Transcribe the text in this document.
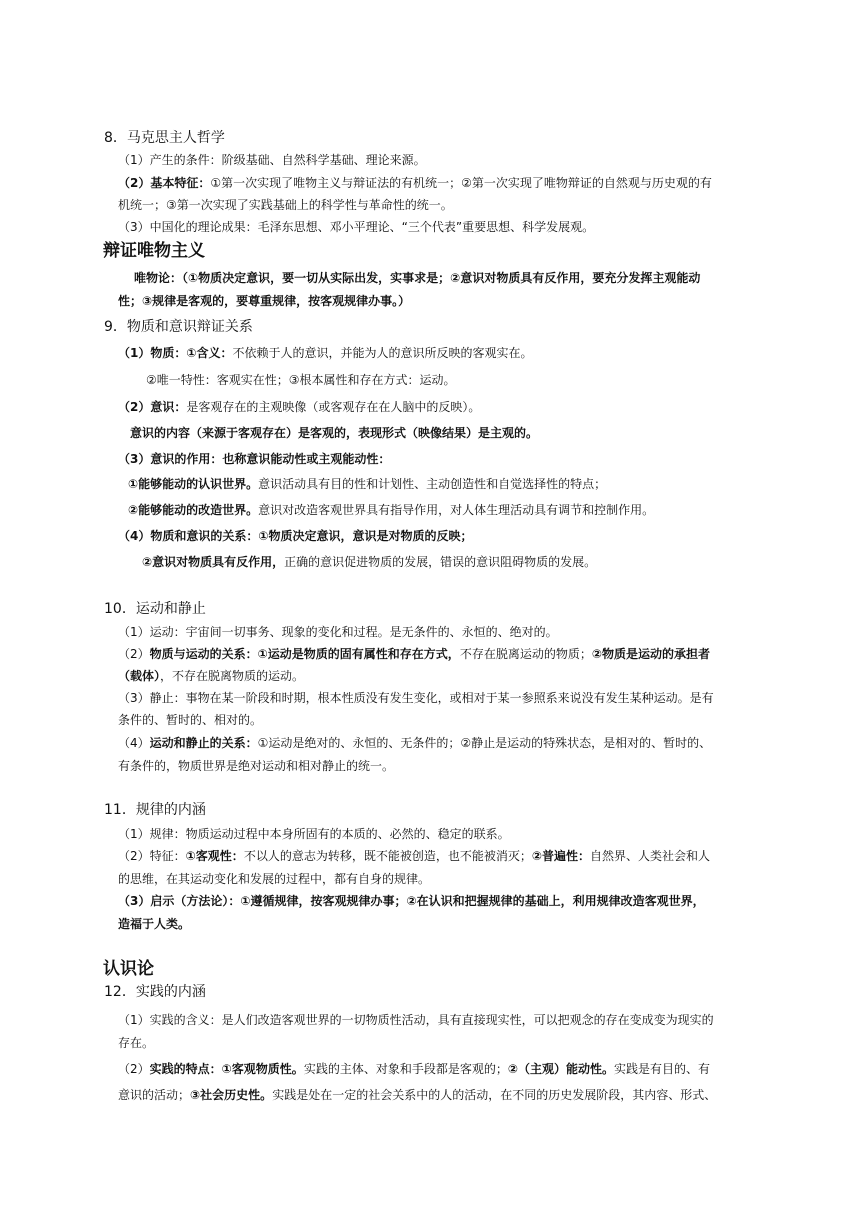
8．马克思主人哲学
（1）产生的条件：阶级基础、自然科学基础、理论来源。
（2）基本特征：①第一次实现了唯物主义与辩证法的有机统一；②第一次实现了唯物辩证的自然观与历史观的有
机统一；③第一次实现了实践基础上的科学性与革命性的统一。
（3）中国化的理论成果：毛泽东思想、邓小平理论、“三个代表”重要思想、科学发展观。
辩证唯物主义
唯物论：（①物质决定意识，要一切从实际出发，实事求是；②意识对物质具有反作用，要充分发挥主观能动
性；③规律是客观的，要尊重规律，按客观规律办事。）
9．物质和意识辩证关系
（1）物质：①含义：不依赖于人的意识，并能为人的意识所反映的客观实在。
②唯一特性：客观实在性；③根本属性和存在方式：运动。
（2）意识：是客观存在的主观映像（或客观存在在人脑中的反映）。
意识的内容（来源于客观存在）是客观的，表现形式（映像结果）是主观的。
（3）意识的作用：也称意识能动性或主观能动性：
①能够能动的认识世界。意识活动具有目的性和计划性、主动创造性和自觉选择性的特点；
②能够能动的改造世界。意识对改造客观世界具有指导作用，对人体生理活动具有调节和控制作用。
（4）物质和意识的关系：①物质决定意识，意识是对物质的反映；
②意识对物质具有反作用，正确的意识促进物质的发展，错误的意识阻碍物质的发展。
10．运动和静止
（1）运动：宇宙间一切事务、现象的变化和过程。是无条件的、永恒的、绝对的。
（2）物质与运动的关系：①运动是物质的固有属性和存在方式，不存在脱离运动的物质；②物质是运动的承担者
（载体），不存在脱离物质的运动。
（3）静止：事物在某一阶段和时期，根本性质没有发生变化，或相对于某一参照系来说没有发生某种运动。是有
条件的、暂时的、相对的。
（4）运动和静止的关系：①运动是绝对的、永恒的、无条件的；②静止是运动的特殊状态，是相对的、暂时的、
有条件的，物质世界是绝对运动和相对静止的统一。
11．规律的内涵
（1）规律：物质运动过程中本身所固有的本质的、必然的、稳定的联系。
（2）特征：①客观性：不以人的意志为转移，既不能被创造，也不能被消灭；②普遍性：自然界、人类社会和人
的思维，在其运动变化和发展的过程中，都有自身的规律。
（3）启示（方法论）：①遵循规律，按客观规律办事；②在认识和把握规律的基础上，利用规律改造客观世界，
造福于人类。
认识论
12．实践的内涵
（1）实践的含义：是人们改造客观世界的一切物质性活动，具有直接现实性，可以把观念的存在变成变为现实的
存在。
（2）实践的特点：①客观物质性。实践的主体、对象和手段都是客观的；②（主观）能动性。实践是有目的、有
意识的活动；③社会历史性。实践是处在一定的社会关系中的人的活动，在不同的历史发展阶段，其内容、形式、
